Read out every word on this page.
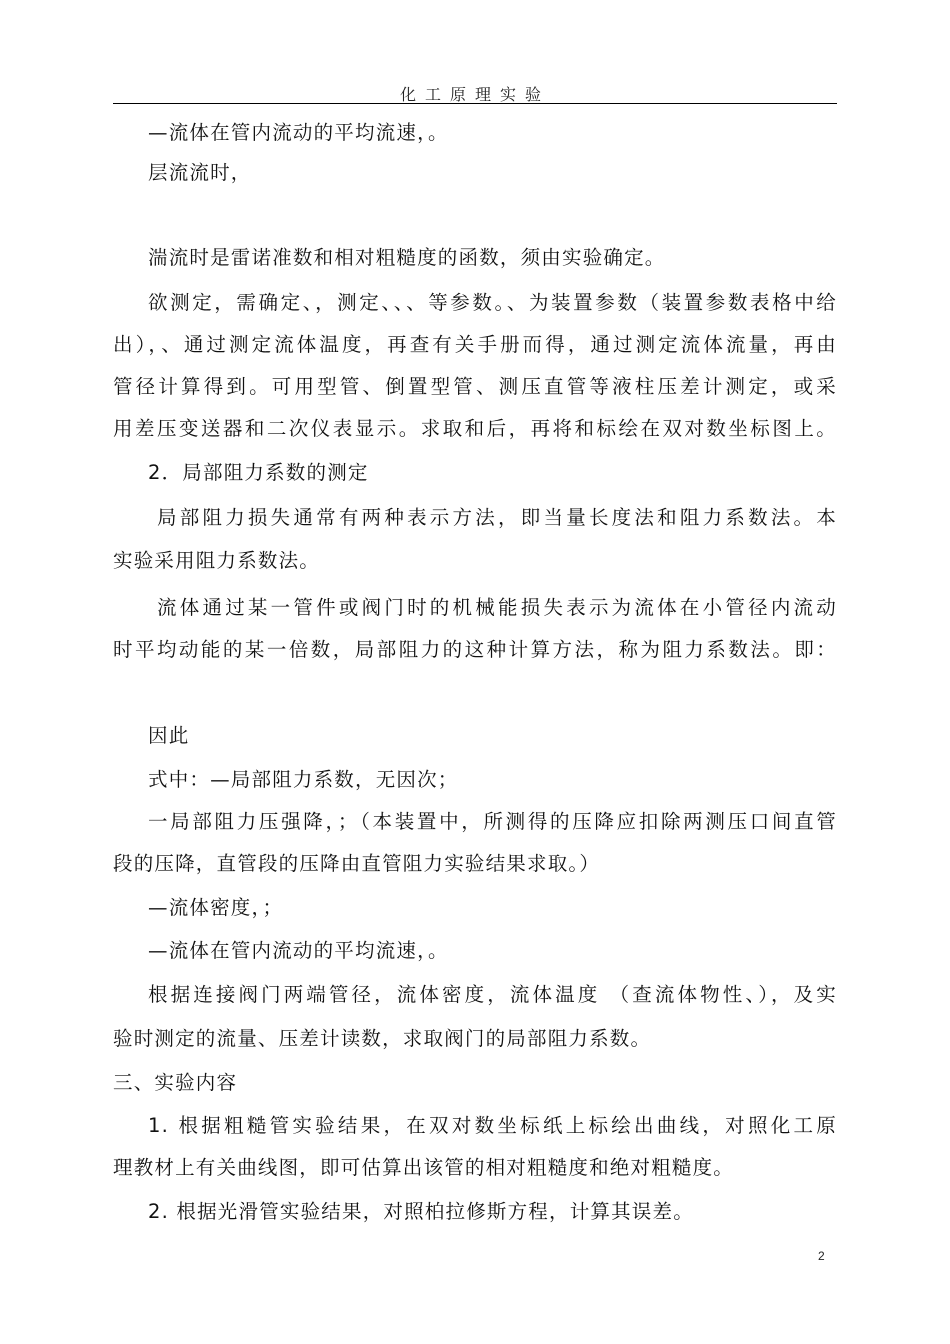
化工原理实验
—流体在管内流动的平均流速，。
层流流时，
湍流时是雷诺准数和相对粗糙度的函数，须由实验确定。
欲测定，需确定、，测定、、、等参数。、为装置参数（装置参数表格中给
出），、通过测定流体温度，再查有关手册而得，通过测定流体流量，再由
管径计算得到。可用型管、倒置型管、测压直管等液柱压差计测定，或采
用差压变送器和二次仪表显示。求取和后，再将和标绘在双对数坐标图上。
2．局部阻力系数的测定
局部阻力损失通常有两种表示方法，即当量长度法和阻力系数法。本
实验采用阻力系数法。
流体通过某一管件或阀门时的机械能损失表示为流体在小管径内流动
时平均动能的某一倍数，局部阻力的这种计算方法，称为阻力系数法。即：
因此
式中：—局部阻力系数，无因次；
一局部阻力压强降，；（本装置中，所测得的压降应扣除两测压口间直管
段的压降，直管段的压降由直管阻力实验结果求取。）
—流体密度，；
—流体在管内流动的平均流速，。
根据连接阀门两端管径，流体密度，流体温度 （查流体物性、），及实
验时测定的流量、压差计读数，求取阀门的局部阻力系数。
三、实验内容
1. 根据粗糙管实验结果，在双对数坐标纸上标绘出曲线，对照化工原
理教材上有关曲线图，即可估算出该管的相对粗糙度和绝对粗糙度。
2. 根据光滑管实验结果，对照柏拉修斯方程，计算其误差。
2
